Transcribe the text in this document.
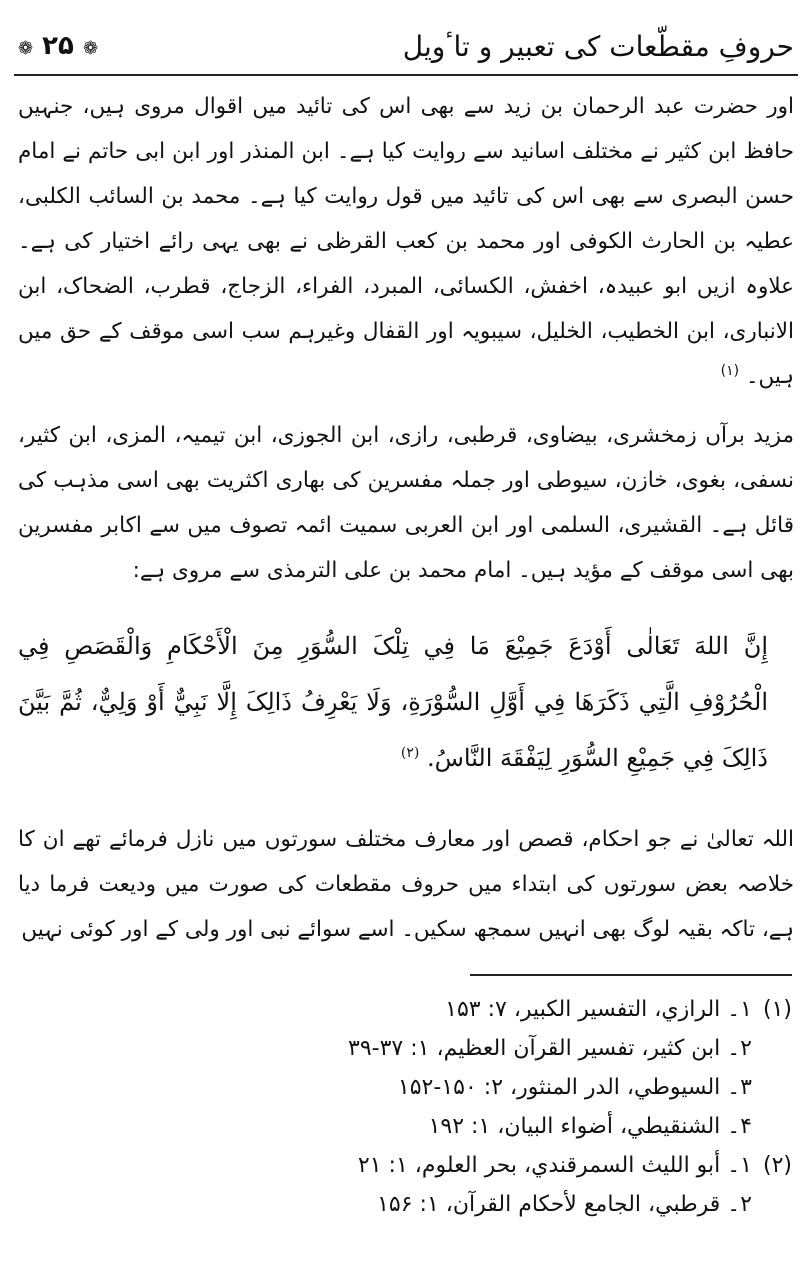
حروفِ مقطّعات کی تعبیر و تاٴویل
❁ ۲۵ ❁

اور حضرت عبد الرحمان بن زید سے بھی اس کی تائید میں اقوال مروی ہیں، جنہیں حافظ ابن کثیر نے مختلف اسانید سے روایت کیا ہے۔ ابن المنذر اور ابن ابی حاتم نے امام حسن البصری سے بھی اس کی تائید میں قول روایت کیا ہے۔ محمد بن السائب الکلبی، عطیہ بن الحارث الکوفی اور محمد بن کعب القرظی نے بھی یہی رائے اختیار کی ہے۔ علاوہ ازیں ابو عبیدہ، اخفش، الکسائی، المبرد، الفراء، الزجاج، قطرب، الضحاک، ابن الانباری، ابن الخطیب، الخلیل، سیبویہ اور القفال وغیرہم سب اسی موقف کے حق میں ہیں۔ $^{(۱)}$

مزید برآں زمخشری، بیضاوی، قرطبی، رازی، ابن الجوزی، ابن تیمیہ، المزی، ابن کثیر، نسفی، بغوی، خازن، سیوطی اور جملہ مفسرین کی بھاری اکثریت بھی اسی مذہب کی قائل ہے۔ القشیری، السلمی اور ابن العربی سمیت ائمہ تصوف میں سے اکابر مفسرین بھی اسی موقف کے مؤید ہیں۔ امام محمد بن علی الترمذی سے مروی ہے:

إِنَّ اللهَ تَعَالٰی أَوْدَعَ جَمِيْعَ مَا فِي تِلْکَ السُّوَرِ مِنَ الْأَحْکَامِ وَالْقَصَصِ فِي الْحُرُوْفِ الَّتِي ذَکَرَهَا فِي أَوَّلِ السُّوْرَةِ، وَلَا يَعْرِفُ ذَالِکَ إِلَّا نَبِيٌّ أَوْ وَلِيٌّ، ثُمَّ بَيَّنَ ذَالِکَ فِي جَمِيْعِ السُّوَرِ لِيَفْقَهَ النَّاسُ. $^{(۲)}$

اللہ تعالیٰ نے جو احکام، قصص اور معارف مختلف سورتوں میں نازل فرمائے تھے ان کا خلاصہ بعض سورتوں کی ابتداء میں حروف مقطعات کی صورت میں ودیعت فرما دیا ہے، تاکہ بقیہ لوگ بھی انہیں سمجھ سکیں۔ اسے سوائے نبی اور ولی کے اور کوئی نہیں

(۱)۱۔ الرازي، التفسير الکبير، ۷: ۱۵۳
۲۔ ابن کثير، تفسير القرآن العظيم، ۱: ۳۷-۳۹
۳۔ السيوطي، الدر المنثور، ۲: ۱۵۰-۱۵۲
۴۔ الشنقيطي، أضواء البيان، ۱: ۱۹۲
(۲)۱۔ أبو الليث السمرقندي، بحر العلوم، ۱: ۲۱
۲۔ قرطبي، الجامع لأحکام القرآن، ۱: ۱۵۶
